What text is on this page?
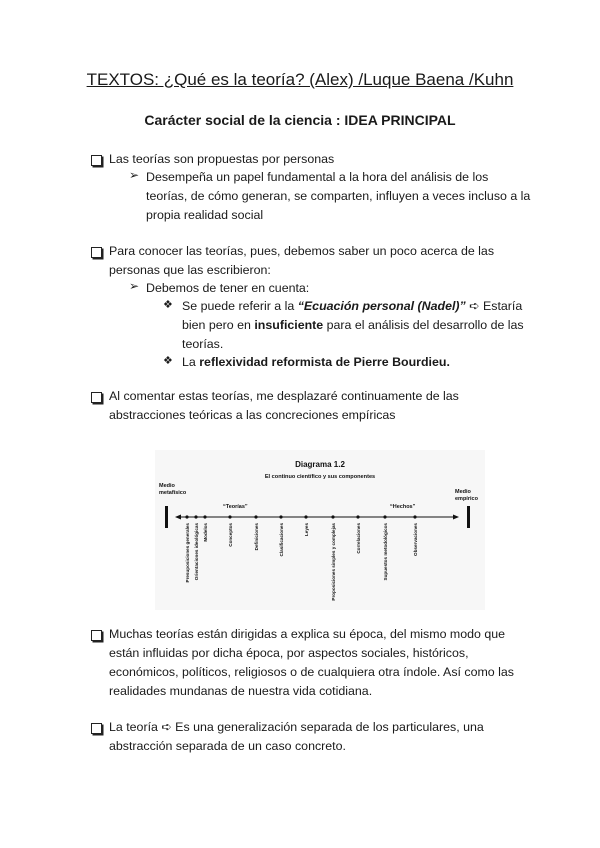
TEXTOS: ¿Qué es la teoría? (Alex) /Luque Baena /Kuhn
Carácter social de la ciencia : IDEA PRINCIPAL
Las teorías son propuestas por personas
➢ Desempeña un papel fundamental a la hora del análisis de los
teorías, de cómo generan, se comparten, influyen a veces incluso a la
propia realidad social
Para conocer las teorías, pues, debemos saber un poco acerca de las
personas que las escribieron:
➢ Debemos de tener en cuenta:
❖ Se puede referir a la “Ecuación personal (Nadel)” ➪ Estaría
bien pero en insuficiente para el análisis del desarrollo de las
teorías.
❖ La reflexividad reformista de Pierre Bourdieu.
Al comentar estas teorías, me desplazaré continuamente de las
abstracciones teóricas a las concreciones empíricas
Diagrama 1.2
El continuo científico y sus componentes
Medio
metafísico	Medio
empírico
“Teorías”	“Hechos”
Presuposiciones generales Orientaciones ideológicas Modelos	Conceptos	Definiciones	Clasificaciones	Leyes	Proposiciones simples y complejas	Correlaciones	Supuestos metodológicos	Observaciones
Muchas teorías están dirigidas a explica su época, del mismo modo que
están influidas por dicha época, por aspectos sociales, históricos,
económicos, políticos, religiosos o de cualquiera otra índole. Así como las
realidades mundanas de nuestra vida cotidiana.
La teoría ➪ Es una generalización separada de los particulares, una
abstracción separada de un caso concreto.
